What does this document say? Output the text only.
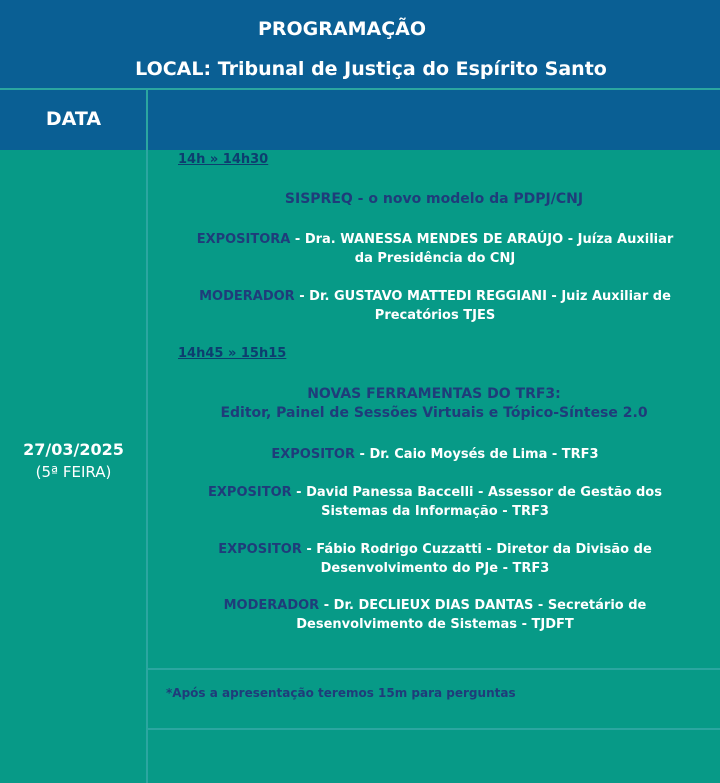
PROGRAMAÇÃO
LOCAL: Tribunal de Justiça do Espírito Santo
DATA
27/03/2025
(5ª FEIRA)
14h » 14h30
SISPREQ - o novo modelo da PDPJ/CNJ
EXPOSITORA - Dra. WANESSA MENDES DE ARAÚJO - Juíza Auxiliar
da Presidência do CNJ
MODERADOR - Dr. GUSTAVO MATTEDI REGGIANI - Juiz Auxiliar de
Precatórios TJES
14h45 » 15h15
NOVAS FERRAMENTAS DO TRF3:
Editor, Painel de Sessões Virtuais e Tópico-Síntese 2.0
EXPOSITOR - Dr. Caio Moysés de Lima - TRF3
EXPOSITOR - David Panessa Baccelli - Assessor de Gestão dos
Sistemas da Informação - TRF3
EXPOSITOR - Fábio Rodrigo Cuzzatti - Diretor da Divisão de
Desenvolvimento do PJe - TRF3
MODERADOR - Dr. DECLIEUX DIAS DANTAS - Secretário de
Desenvolvimento de Sistemas - TJDFT
*Após a apresentação teremos 15m para perguntas
